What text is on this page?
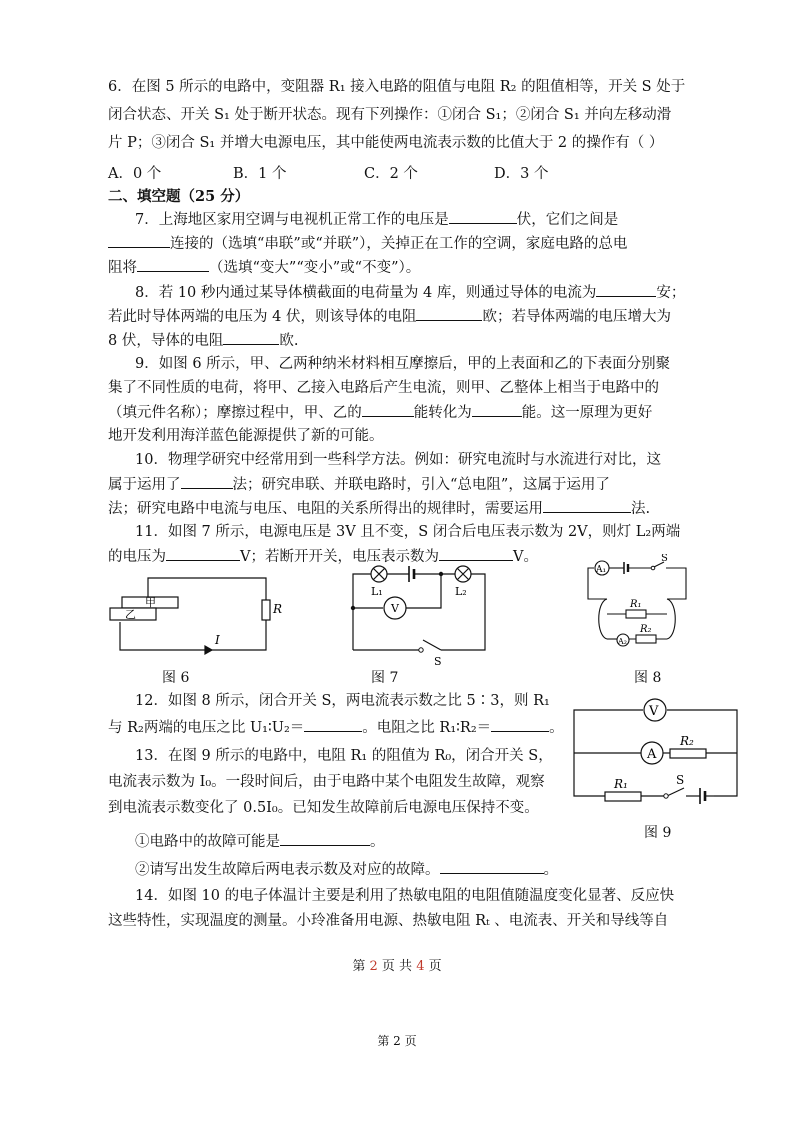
6．在图 5 所示的电路中，变阻器 R₁ 接入电路的阻值与电阻 R₂ 的阻值相等，开关 S 处于
闭合状态、开关 S₁ 处于断开状态。现有下列操作：①闭合 S₁；②闭合 S₁ 并向左移动滑
片 P；③闭合 S₁ 并增大电源电压，其中能使两电流表示数的比值大于 2 的操作有（ ）
A．0 个	B．1 个	C．2 个	D．3 个
二、填空题（25 分）
7．上海地区家用空调与电视机正常工作的电压是	伏，它们之间是
连接的（选填“串联”或“并联”），关掉正在工作的空调，家庭电路的总电
阻将	（选填“变大”“变小”或“不变”）。
8．若 10 秒内通过某导体横截面的电荷量为 4 库，则通过导体的电流为	安；
若此时导体两端的电压为 4 伏，则该导体的电阻	欧；若导体两端的电压增大为
8 伏，导体的电阻	欧.
9．如图 6 所示，甲、乙两种纳米材料相互摩擦后，甲的上表面和乙的下表面分别聚
集了不同性质的电荷，将甲、乙接入电路后产生电流，则甲、乙整体上相当于电路中的
（填元件名称）；摩擦过程中，甲、乙的	能转化为	能。这一原理为更好
地开发利用海洋蓝色能源提供了新的可能。
10．物理学研究中经常用到一些科学方法。例如：研究电流时与水流进行对比，这
属于运用了	法；研究串联、并联电路时，引入“总电阻”，这属于运用了
法；研究电路中电流与电压、电阻的关系所得出的规律时，需要运用	法.
11．如图 7 所示，电源电压是 3V 且不变，S 闭合后电压表示数为 2V，则灯 L₂两端
的电压为	V；若断开开关，电压表示数为	V。
甲
乙	R
I
图 6
V
L₁	L₂
S
图 7
A₁
A₂
R₁
R₂
S
图 8
12．如图 8 所示，闭合开关 S，两电流表示数之比 5∶3，则 R₁
与 R₂两端的电压之比 U₁∶U₂＝	。电阻之比 R₁∶R₂＝	。
V
A
R₂
R₁	S
图 9
13．在图 9 所示的电路中，电阻 R₁ 的阻值为 R₀，闭合开关 S，
电流表示数为 I₀。一段时间后，由于电路中某个电阻发生故障，观察
到电流表示数变化了 0.5I₀。已知发生故障前后电源电压保持不变。
①电路中的故障可能是	。
②请写出发生故障后两电表示数及对应的故障。	。
14．如图 10 的电子体温计主要是利用了热敏电阻的电阻值随温度变化显著、反应快
这些特性，实现温度的测量。小玲准备用电源、热敏电阻 Rₜ 、电流表、开关和导线等自
第 2 页 共 4 页
第 2 页
